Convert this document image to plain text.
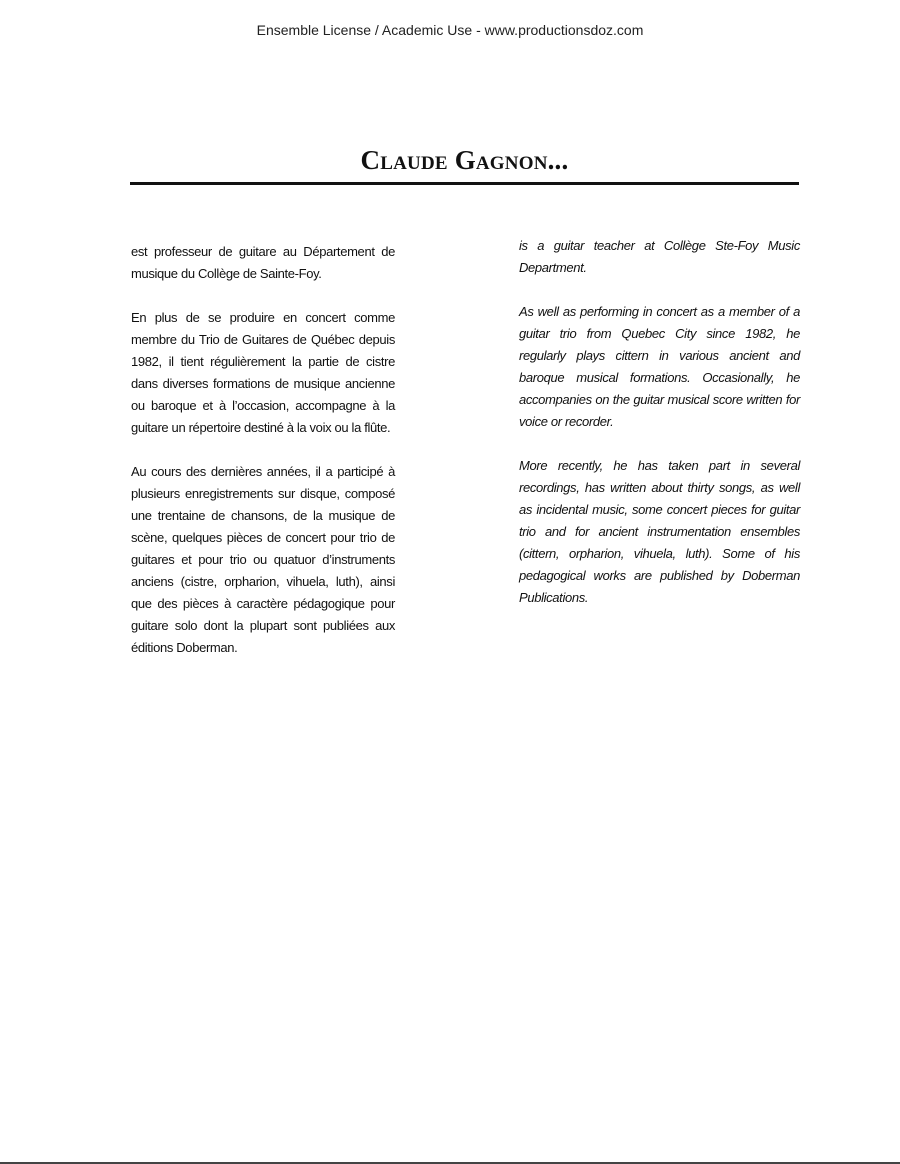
Ensemble License / Academic Use - www.productionsdoz.com
Claude Gagnon...

est professeur de guitare au Département de musique du Collège de Sainte-Foy.

En plus de se produire en concert comme membre du Trio de Guitares de Québec depuis 1982, il tient régulièrement la partie de cistre dans diverses formations de musique ancienne ou baroque et à l’occasion, accompagne à la guitare un répertoire destiné à la voix ou la flûte.

Au cours des dernières années, il a participé à plusieurs enregistrements sur disque, composé une trentaine de chansons, de la musique de scène, quelques pièces de concert pour trio de guitares et pour trio ou quatuor d’instruments anciens (cistre, orpharion, vihuela, luth), ainsi que des pièces à caractère pédagogique pour guitare solo dont la plupart sont publiées aux éditions Doberman.

is a guitar teacher at Collège Ste-Foy Music Department.

As well as performing in concert as a member of a guitar trio from Quebec City since 1982, he regularly plays cittern in various ancient and baroque musical formations. Occasionally, he accompanies on the guitar musical score written for voice or recorder.

More recently, he has taken part in several recordings, has written about thirty songs, as well as incidental music, some concert pieces for guitar trio and for ancient instrumentation ensembles (cittern, orpharion, vihuela, luth). Some of his pedagogical works are published by Doberman Publications.
